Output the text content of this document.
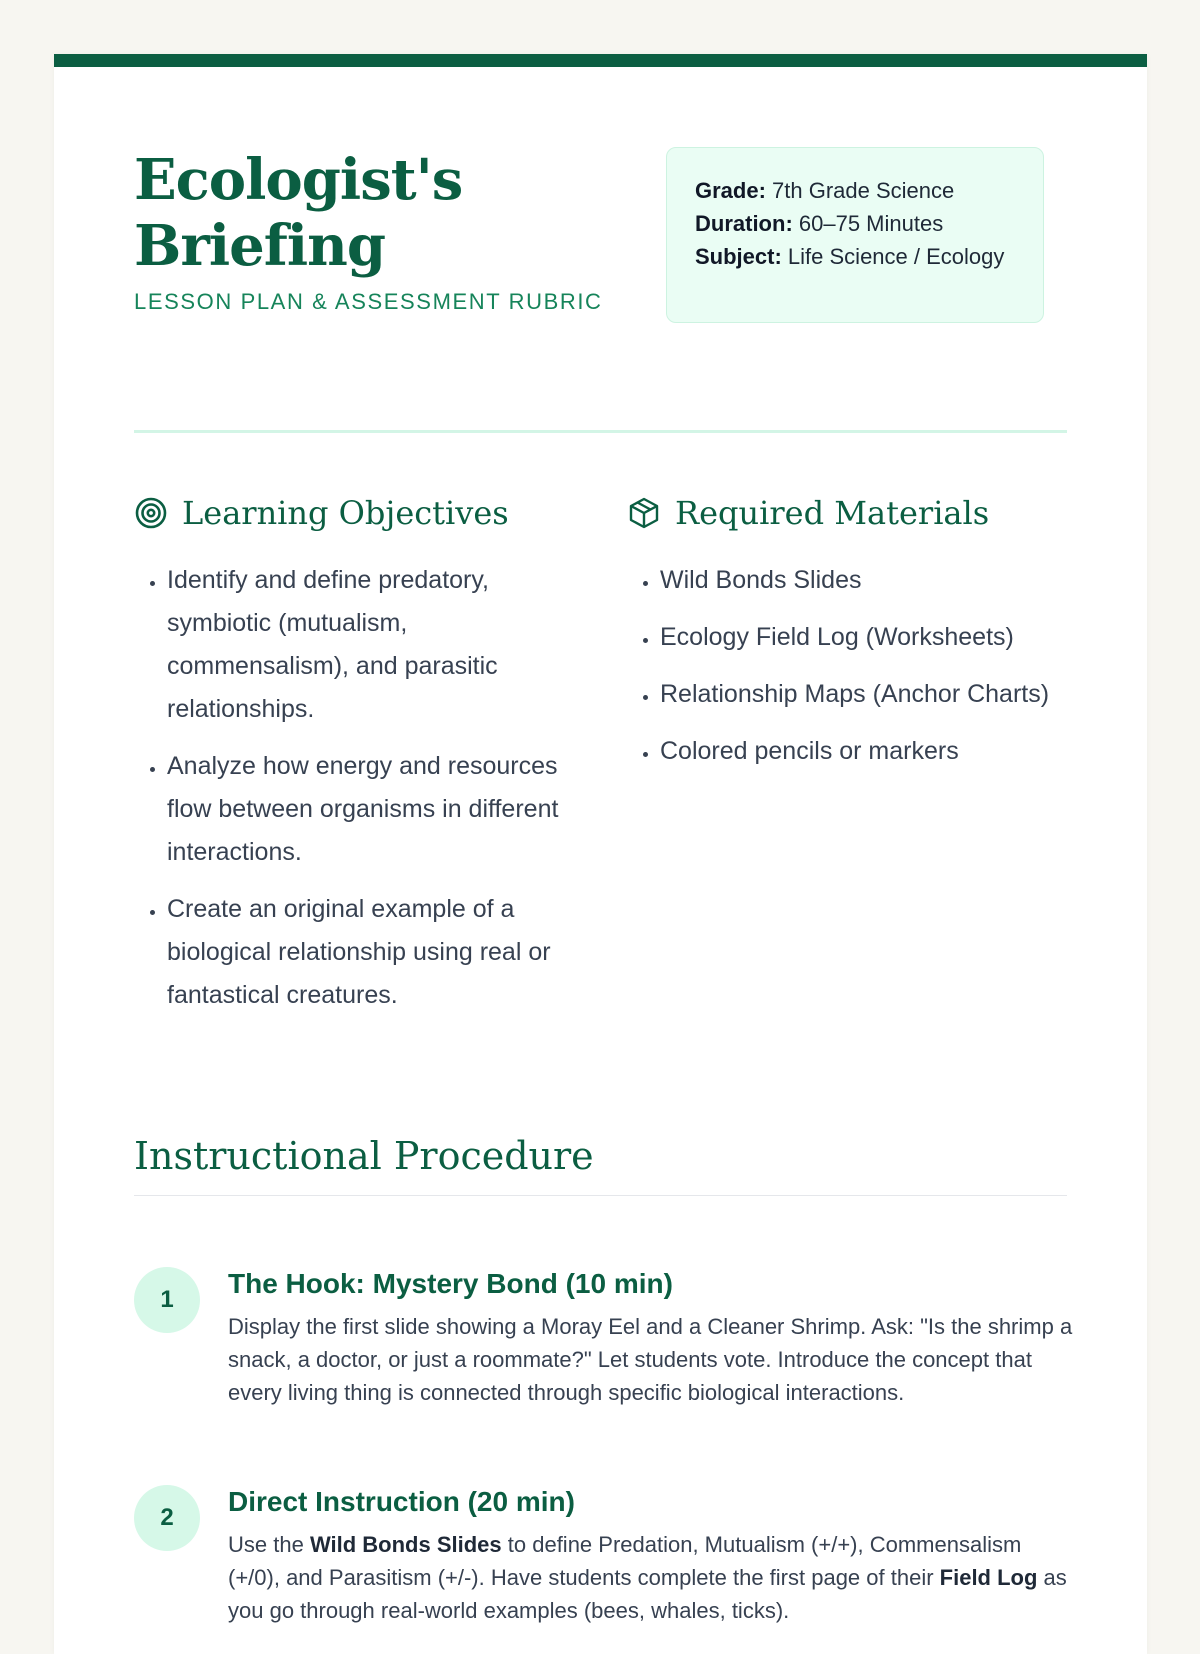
Ecologist's Briefing
LESSON PLAN & ASSESSMENT RUBRIC
Grade: 7th Grade Science
Duration: 60–75 Minutes
Subject: Life Science / Ecology
Learning Objectives	Required Materials
• Identify and define predatory, symbiotic (mutualism, commensalism), and parasitic relationships.
• Analyze how energy and resources flow between organisms in different interactions.
• Create an original example of a biological relationship using real or fantastical creatures.
• Wild Bonds Slides
• Ecology Field Log (Worksheets)
• Relationship Maps (Anchor Charts)
• Colored pencils or markers
Instructional Procedure
1
The Hook: Mystery Bond (10 min)

Display the first slide showing a Moray Eel and a Cleaner Shrimp. Ask: "Is the shrimp a snack, a doctor, or just a roommate?" Let students vote. Introduce the concept that every living thing is connected through specific biological interactions.

2
Direct Instruction (20 min)

Use the Wild Bonds Slides to define Predation, Mutualism (+/+), Commensalism (+/0), and Parasitism (+/-). Have students complete the first page of their Field Log as you go through real-world examples (bees, whales, ticks).
